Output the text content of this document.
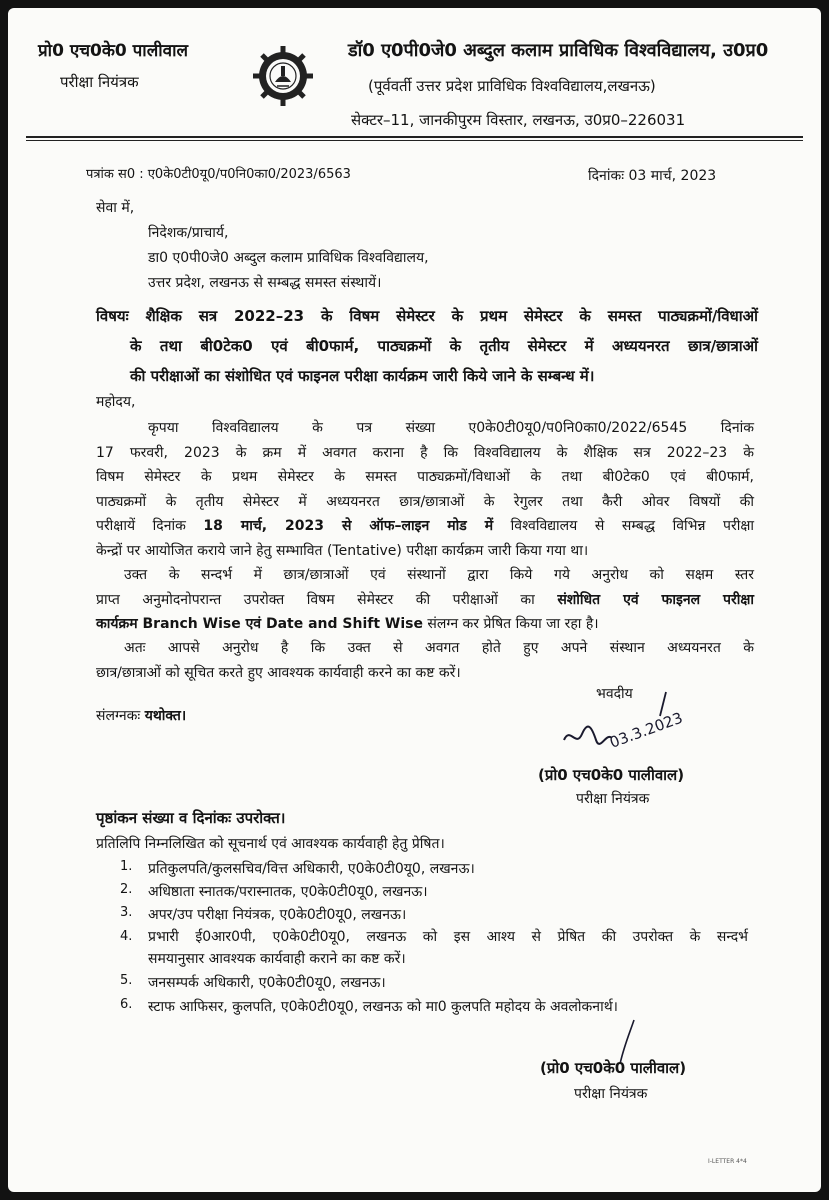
प्रो0 एच0के0 पालीवाल
परीक्षा नियंत्रक
डॉ0 ए0पी0जे0 अब्दुल कलाम प्राविधिक विश्वविद्यालय, उ0प्र0
(पूर्ववर्ती उत्तर प्रदेश प्राविधिक विश्वविद्यालय,लखनऊ)
सेक्टर–11, जानकीपुरम विस्तार, लखनऊ, उ0प्र0–226031
पत्रांक स0 : ए0के0टी0यू0/प0नि0का0/2023/6563	दिनांकः 03 मार्च, 2023
सेवा में,
निदेशक/प्राचार्य,
डा0 ए0पी0जे0 अब्दुल कलाम प्राविधिक विश्वविद्यालय,
उत्तर प्रदेश, लखनऊ से सम्बद्ध समस्त संस्थायें।
विषयः शैक्षिक सत्र 2022–23 के विषम सेमेस्टर के प्रथम सेमेस्टर के समस्त पाठ्यक्रमों/विधाओं
के तथा बी0टेक0 एवं बी0फार्म, पाठ्यक्रमों के तृतीय सेमेस्टर में अध्ययनरत छात्र/छात्राओं
की परीक्षाओं का संशोधित एवं फाइनल परीक्षा कार्यक्रम जारी किये जाने के सम्बन्ध में।
महोदय,
कृपया विश्वविद्यालय के पत्र संख्या ए0के0टी0यू0/प0नि0का0/2022/6545 दिनांक
17 फरवरी, 2023 के क्रम में अवगत कराना है कि विश्वविद्यालय के शैक्षिक सत्र 2022–23 के
विषम सेमेस्टर के प्रथम सेमेस्टर के समस्त पाठ्यक्रमों/विधाओं के तथा बी0टेक0 एवं बी0फार्म,
पाठ्यक्रमों के तृतीय सेमेस्टर में अध्ययनरत छात्र/छात्राओं के रेगुलर तथा कैरी ओवर विषयों की
परीक्षायें दिनांक 18 मार्च, 2023 से ऑफ–लाइन मोड में विश्वविद्यालय से सम्बद्ध विभिन्न परीक्षा
केन्द्रों पर आयोजित कराये जाने हेतु सम्भावित (Tentative) परीक्षा कार्यक्रम जारी किया गया था।
उक्त के सन्दर्भ में छात्र/छात्राओं एवं संस्थानों द्वारा किये गये अनुरोध को सक्षम स्तर
प्राप्त अनुमोदनोपरान्त उपरोक्त विषम सेमेस्टर की परीक्षाओं का संशोधित एवं फाइनल परीक्षा
कार्यक्रम Branch Wise एवं Date and Shift Wise संलग्न कर प्रेषित किया जा रहा है।
अतः आपसे अनुरोध है कि उक्त से अवगत होते हुए अपने संस्थान अध्ययनरत के
छात्र/छात्राओं को सूचित करते हुए आवश्यक कार्यवाही करने का कष्ट करें।
भवदीय
संलग्नकः यथोक्त।	03.3.2023
(प्रो0 एच0के0 पालीवाल)
परीक्षा नियंत्रक
पृष्ठांकन संख्या व दिनांकः उपरोक्त।
प्रतिलिपि निम्नलिखित को सूचनार्थ एवं आवश्यक कार्यवाही हेतु प्रेषित।
1. प्रतिकुलपति/कुलसचिव/वित्त अधिकारी, ए0के0टी0यू0, लखनऊ।
2. अधिष्ठाता स्नातक/परास्नातक, ए0के0टी0यू0, लखनऊ।
3. अपर/उप परीक्षा नियंत्रक, ए0के0टी0यू0, लखनऊ।
4. प्रभारी ई0आर0पी, ए0के0टी0यू0, लखनऊ को इस आश्य से प्रेषित की उपरोक्त के सन्दर्भ
समयानुसार आवश्यक कार्यवाही कराने का कष्ट करें।
5. जनसम्पर्क अधिकारी, ए0के0टी0यू0, लखनऊ।
6. स्टाफ आफिसर, कुलपति, ए0के0टी0यू0, लखनऊ को मा0 कुलपति महोदय के अवलोकनार्थ।
(प्रो0 एच0के0 पालीवाल)
परीक्षा नियंत्रक
I-LETTER 4*4
